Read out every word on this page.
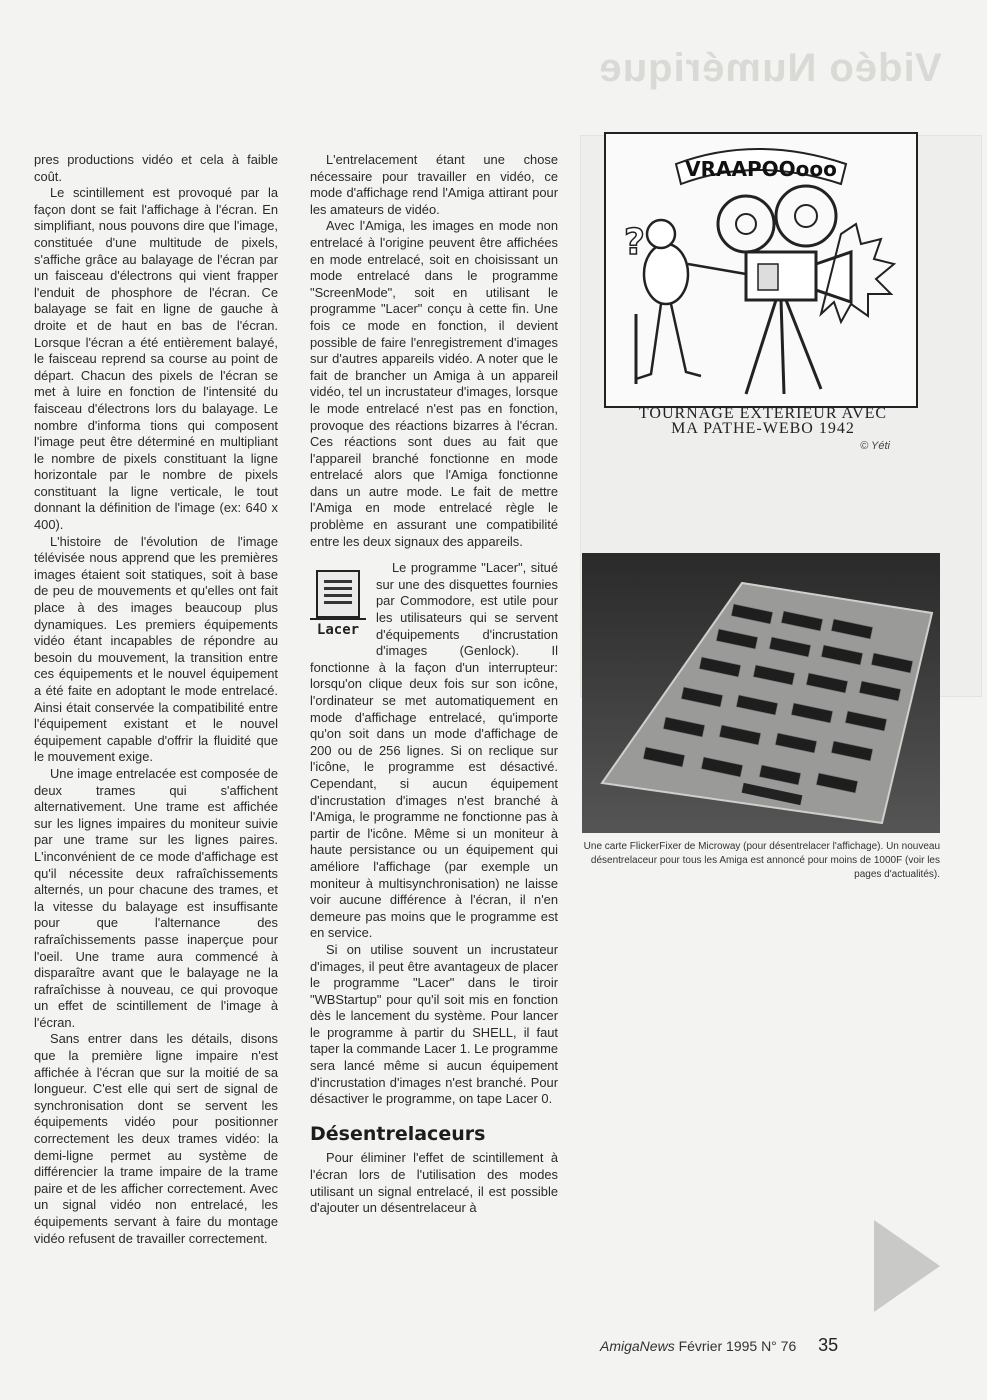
Vidéo Numérique

pres productions vidéo et cela à faible coût.

Le scintillement est provoqué par la façon dont se fait l'affichage à l'écran. En simplifiant, nous pouvons dire que l'image, constituée d'une multitude de pixels, s'affiche grâce au balayage de l'écran par un faisceau d'électrons qui vient frapper l'enduit de phosphore de l'écran. Ce balayage se fait en ligne de gauche à droite et de haut en bas de l'écran. Lorsque l'écran a été entièrement balayé, le faisceau reprend sa course au point de départ. Chacun des pixels de l'écran se met à luire en fonction de l'intensité du faisceau d'électrons lors du balayage. Le nombre d'informa tions qui composent l'image peut être déterminé en multipliant le nombre de pixels constituant la ligne horizontale par le nombre de pixels constituant la ligne verticale, le tout donnant la définition de l'image (ex: 640 x 400).

L'histoire de l'évolution de l'image télévisée nous apprend que les premières images étaient soit statiques, soit à base de peu de mouvements et qu'elles ont fait place à des images beaucoup plus dynamiques. Les premiers équipements vidéo étant incapables de répondre au besoin du mouvement, la transition entre ces équipements et le nouvel équipement a été faite en adoptant le mode entrelacé. Ainsi était conservée la compatibilité entre l'équipement existant et le nouvel équipement capable d'offrir la fluidité que le mouvement exige.

Une image entrelacée est composée de deux trames qui s'affichent alternativement. Une trame est affichée sur les lignes impaires du moniteur suivie par une trame sur les lignes paires. L'inconvénient de ce mode d'affichage est qu'il nécessite deux rafraîchissements alternés, un pour chacune des trames, et la vitesse du balayage est insuffisante pour que l'alternance des rafraîchissements passe inaperçue pour l'oeil. Une trame aura commencé à disparaître avant que le balayage ne la rafraîchisse à nouveau, ce qui provoque un effet de scintillement de l'image à l'écran.

Sans entrer dans les détails, disons que la première ligne impaire n'est affichée à l'écran que sur la moitié de sa longueur. C'est elle qui sert de signal de synchronisation dont se servent les équipements vidéo pour positionner correctement les deux trames vidéo: la demi-ligne permet au système de différencier la trame impaire de la trame paire et de les afficher correctement. Avec un signal vidéo non entrelacé, les équipements servant à faire du montage vidéo refusent de travailler correctement.

L'entrelacement étant une chose nécessaire pour travailler en vidéo, ce mode d'affichage rend l'Amiga attirant pour les amateurs de vidéo.

Avec l'Amiga, les images en mode non entrelacé à l'origine peuvent être affichées en mode entrelacé, soit en choisissant un mode entrelacé dans le programme "ScreenMode", soit en utilisant le programme "Lacer" conçu à cette fin. Une fois ce mode en fonction, il devient possible de faire l'enregistrement d'images sur d'autres appareils vidéo. A noter que le fait de brancher un Amiga à un appareil vidéo, tel un incrustateur d'images, lorsque le mode entrelacé n'est pas en fonction, provoque des réactions bizarres à l'écran. Ces réactions sont dues au fait que l'appareil branché fonctionne en mode entrelacé alors que l'Amiga fonctionne dans un autre mode. Le fait de mettre l'Amiga en mode entrelacé règle le problème en assurant une compatibilité entre les deux signaux des appareils.

Lacer

Le programme "Lacer", situé sur une des disquettes fournies par Commodore, est utile pour les utilisateurs qui se servent d'équipements d'incrustation d'images (Genlock). Il fonctionne à la façon d'un interrupteur: lorsqu'on clique deux fois sur son icône, l'ordinateur se met automatiquement en mode d'affichage entrelacé, qu'importe qu'on soit dans un mode d'affichage de 200 ou de 256 lignes. Si on reclique sur l'icône, le programme est désactivé. Cependant, si aucun équipement d'incrustation d'images n'est branché à l'Amiga, le programme ne fonctionne pas à partir de l'icône. Même si un moniteur à haute persistance ou un équipement qui améliore l'affichage (par exemple un moniteur à multisynchronisation) ne laisse voir aucune différence à l'écran, il n'en demeure pas moins que le programme est en service.

Si on utilise souvent un incrustateur d'images, il peut être avantageux de placer le programme "Lacer" dans le tiroir "WBStartup" pour qu'il soit mis en fonction dès le lancement du système. Pour lancer le programme à partir du SHELL, il faut taper la commande Lacer 1. Le programme sera lancé même si aucun équipement d'incrustation d'images n'est branché. Pour désactiver le programme, on tape Lacer 0.

Désentrelaceurs

Pour éliminer l'effet de scintillement à l'écran lors de l'utilisation des modes utilisant un signal entrelacé, il est possible d'ajouter un désentrelaceur à

VRAAPOOooo
?
TOURNAGE EXTERIEUR AVEC
MA PATHE-WEBO 1942
© Yéti
Une carte FlickerFixer de Microway (pour désentrelacer l'affichage). Un nouveau désentrelaceur pour tous les Amiga est annoncé pour moins de 1000F (voir les pages d'actualités).
AmigaNews Février 1995 N° 76 35
